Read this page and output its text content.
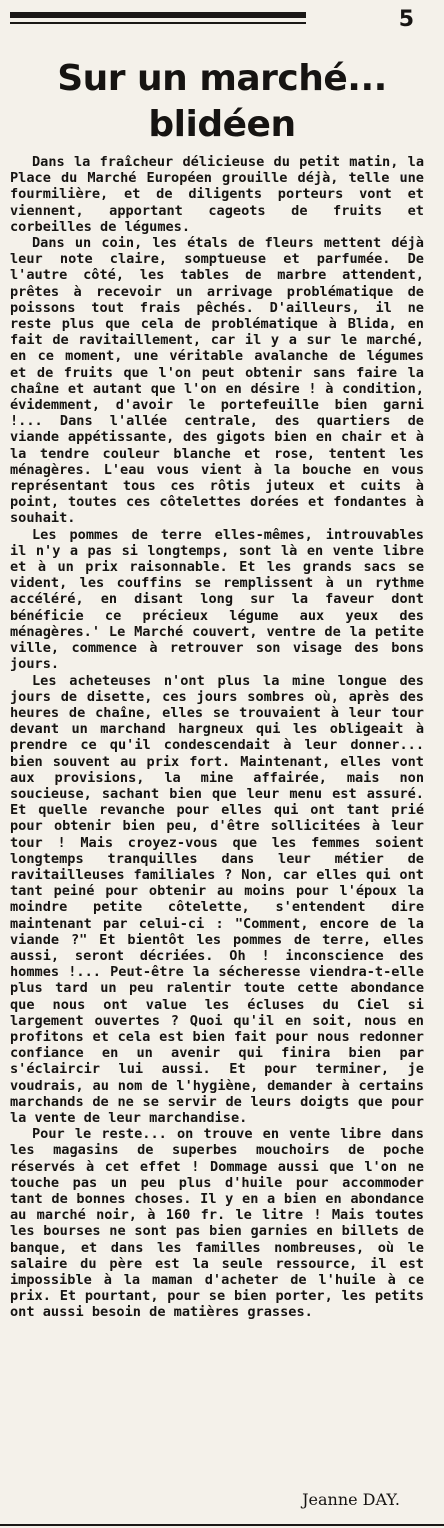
5
Sur un marché...
blidéen

Dans la fraîcheur délicieuse du petit matin, la Place du Marché Européen grouille déjà, telle une fourmilière, et de diligents porteurs vont et viennent, apportant cageots de fruits et corbeilles de légumes.

Dans un coin, les étals de fleurs mettent déjà leur note claire, somptueuse et parfumée. De l'autre côté, les tables de marbre attendent, prêtes à recevoir un arrivage problématique de poissons tout frais pêchés. D'ailleurs, il ne reste plus que cela de problématique à Blida, en fait de ravitaillement, car il y a sur le marché, en ce moment, une véritable avalanche de légumes et de fruits que l'on peut obtenir sans faire la chaîne et autant que l'on en désire ! à condition, évidemment, d'avoir le portefeuille bien garni !... Dans l'allée centrale, des quartiers de viande appétissante, des gigots bien en chair et à la tendre couleur blanche et rose, tentent les ménagères. L'eau vous vient à la bouche en vous représentant tous ces rôtis juteux et cuits à point, toutes ces côtelettes dorées et fondantes à souhait.

Les pommes de terre elles-mêmes, introuvables il n'y a pas si longtemps, sont là en vente libre et à un prix raisonnable. Et les grands sacs se vident, les couffins se remplissent à un rythme accéléré, en disant long sur la faveur dont bénéficie ce précieux légume aux yeux des ménagères.' Le Marché couvert, ventre de la petite ville, commence à retrouver son visage des bons jours.

Les acheteuses n'ont plus la mine longue des jours de disette, ces jours sombres où, après des heures de chaîne, elles se trouvaient à leur tour devant un marchand hargneux qui les obligeait à prendre ce qu'il condescendait à leur donner... bien souvent au prix fort. Maintenant, elles vont aux provisions, la mine affairée, mais non soucieuse, sachant bien que leur menu est assuré. Et quelle revanche pour elles qui ont tant prié pour obtenir bien peu, d'être sollicitées à leur tour ! Mais croyez-vous que les femmes soient longtemps tranquilles dans leur métier de ravitailleuses familiales ? Non, car elles qui ont tant peiné pour obtenir au moins pour l'époux la moindre petite côtelette, s'entendent dire maintenant par celui-ci : "Comment, encore de la viande ?" Et bientôt les pommes de terre, elles aussi, seront décriées. Oh ! inconscience des hommes !... Peut-être la sécheresse viendra-t-elle plus tard un peu ralentir toute cette abondance que nous ont value les écluses du Ciel si largement ouvertes ? Quoi qu'il en soit, nous en profitons et cela est bien fait pour nous redonner confiance en un avenir qui finira bien par s'éclaircir lui aussi. Et pour terminer, je voudrais, au nom de l'hygiène, demander à certains marchands de ne se servir de leurs doigts que pour la vente de leur marchandise.

Pour le reste... on trouve en vente libre dans les magasins de superbes mouchoirs de poche réservés à cet effet ! Dommage aussi que l'on ne touche pas un peu plus d'huile pour accommoder tant de bonnes choses. Il y en a bien en abondance au marché noir, à 160 fr. le litre ! Mais toutes les bourses ne sont pas bien garnies en billets de banque, et dans les familles nombreuses, où le salaire du père est la seule ressource, il est impossible à la maman d'acheter de l'huile à ce prix. Et pourtant, pour se bien porter, les petits ont aussi besoin de matières grasses.

Jeanne DAY.
